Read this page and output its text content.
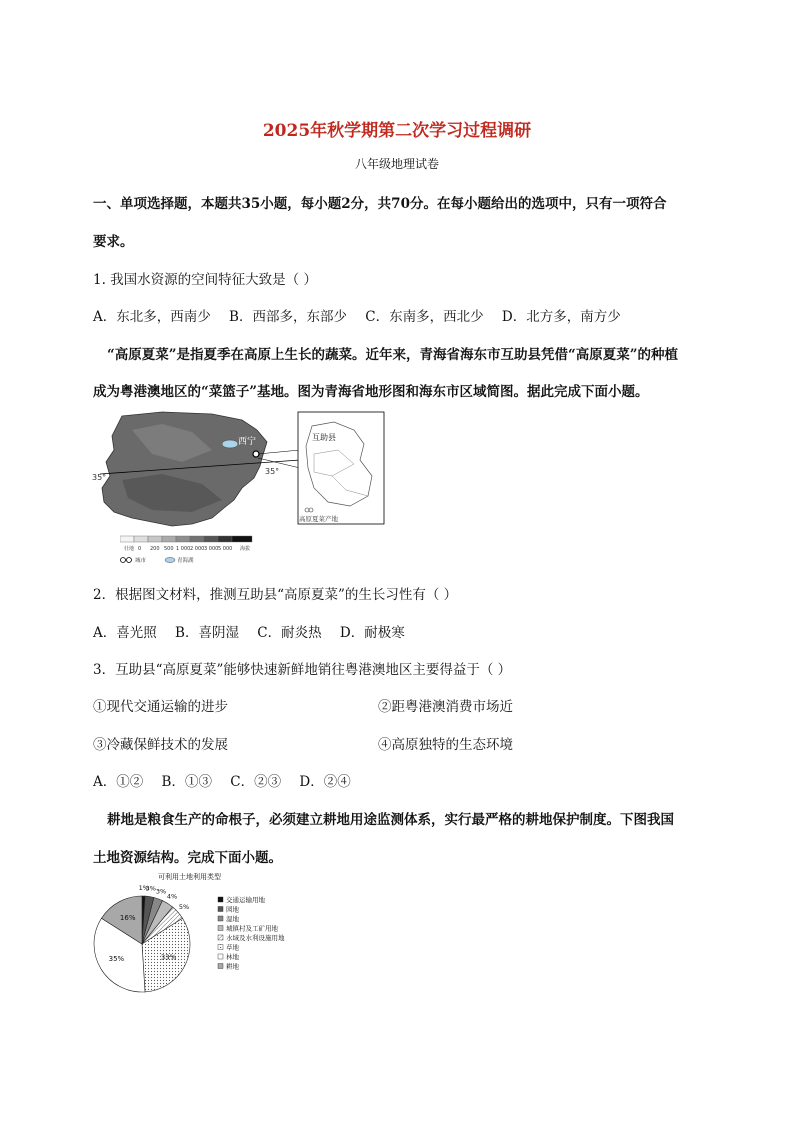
2025年秋学期第二次学习过程调研
八年级地理试卷
一、单项选择题，本题共35小题，每小题2分，共70分。在每小题给出的选项中，只有一项符合
要求。
1. 我国水资源的空间特征大致是（ ）
A．东北多，西南少 B．西部多，东部少 C．东南多，西北少 D．北方多，南方少
“高原夏菜”是指夏季在高原上生长的蔬菜。近年来，青海省海东市互助县凭借“高原夏菜”的种植
成为粤港澳地区的“菜篮子”基地。图为青海省地形图和海东市区域简图。据此完成下面小题。
西宁
35°
35°
互助县
高原夏菜产地
壮地 0 200 500 1 000 2 000 3 000 5 000 海拔
城市	青海湖
2．根据图文材料，推测互助县“高原夏菜”的生长习性有（ ）
A．喜光照 B．喜阴湿 C．耐炎热 D．耐极寒
3．互助县“高原夏菜”能够快速新鲜地销往粤港澳地区主要得益于（ ）
①现代交通运输的进步	②距粤港澳消费市场近
③冷藏保鲜技术的发展	④高原独特的生态环境
A．①② B．①③ C．②③ D．②④
耕地是粮食生产的命根子，必须建立耕地用途监测体系，实行最严格的耕地保护制度。下图我国
土地资源结构。完成下面小题。
可利用土地利用类型
1%
3% 3%
4%
5%
33%
35%
16%
交通运输用地
园地
湿地
城镇村及工矿用地
水域及水利设施用地
草地
林地
耕地
